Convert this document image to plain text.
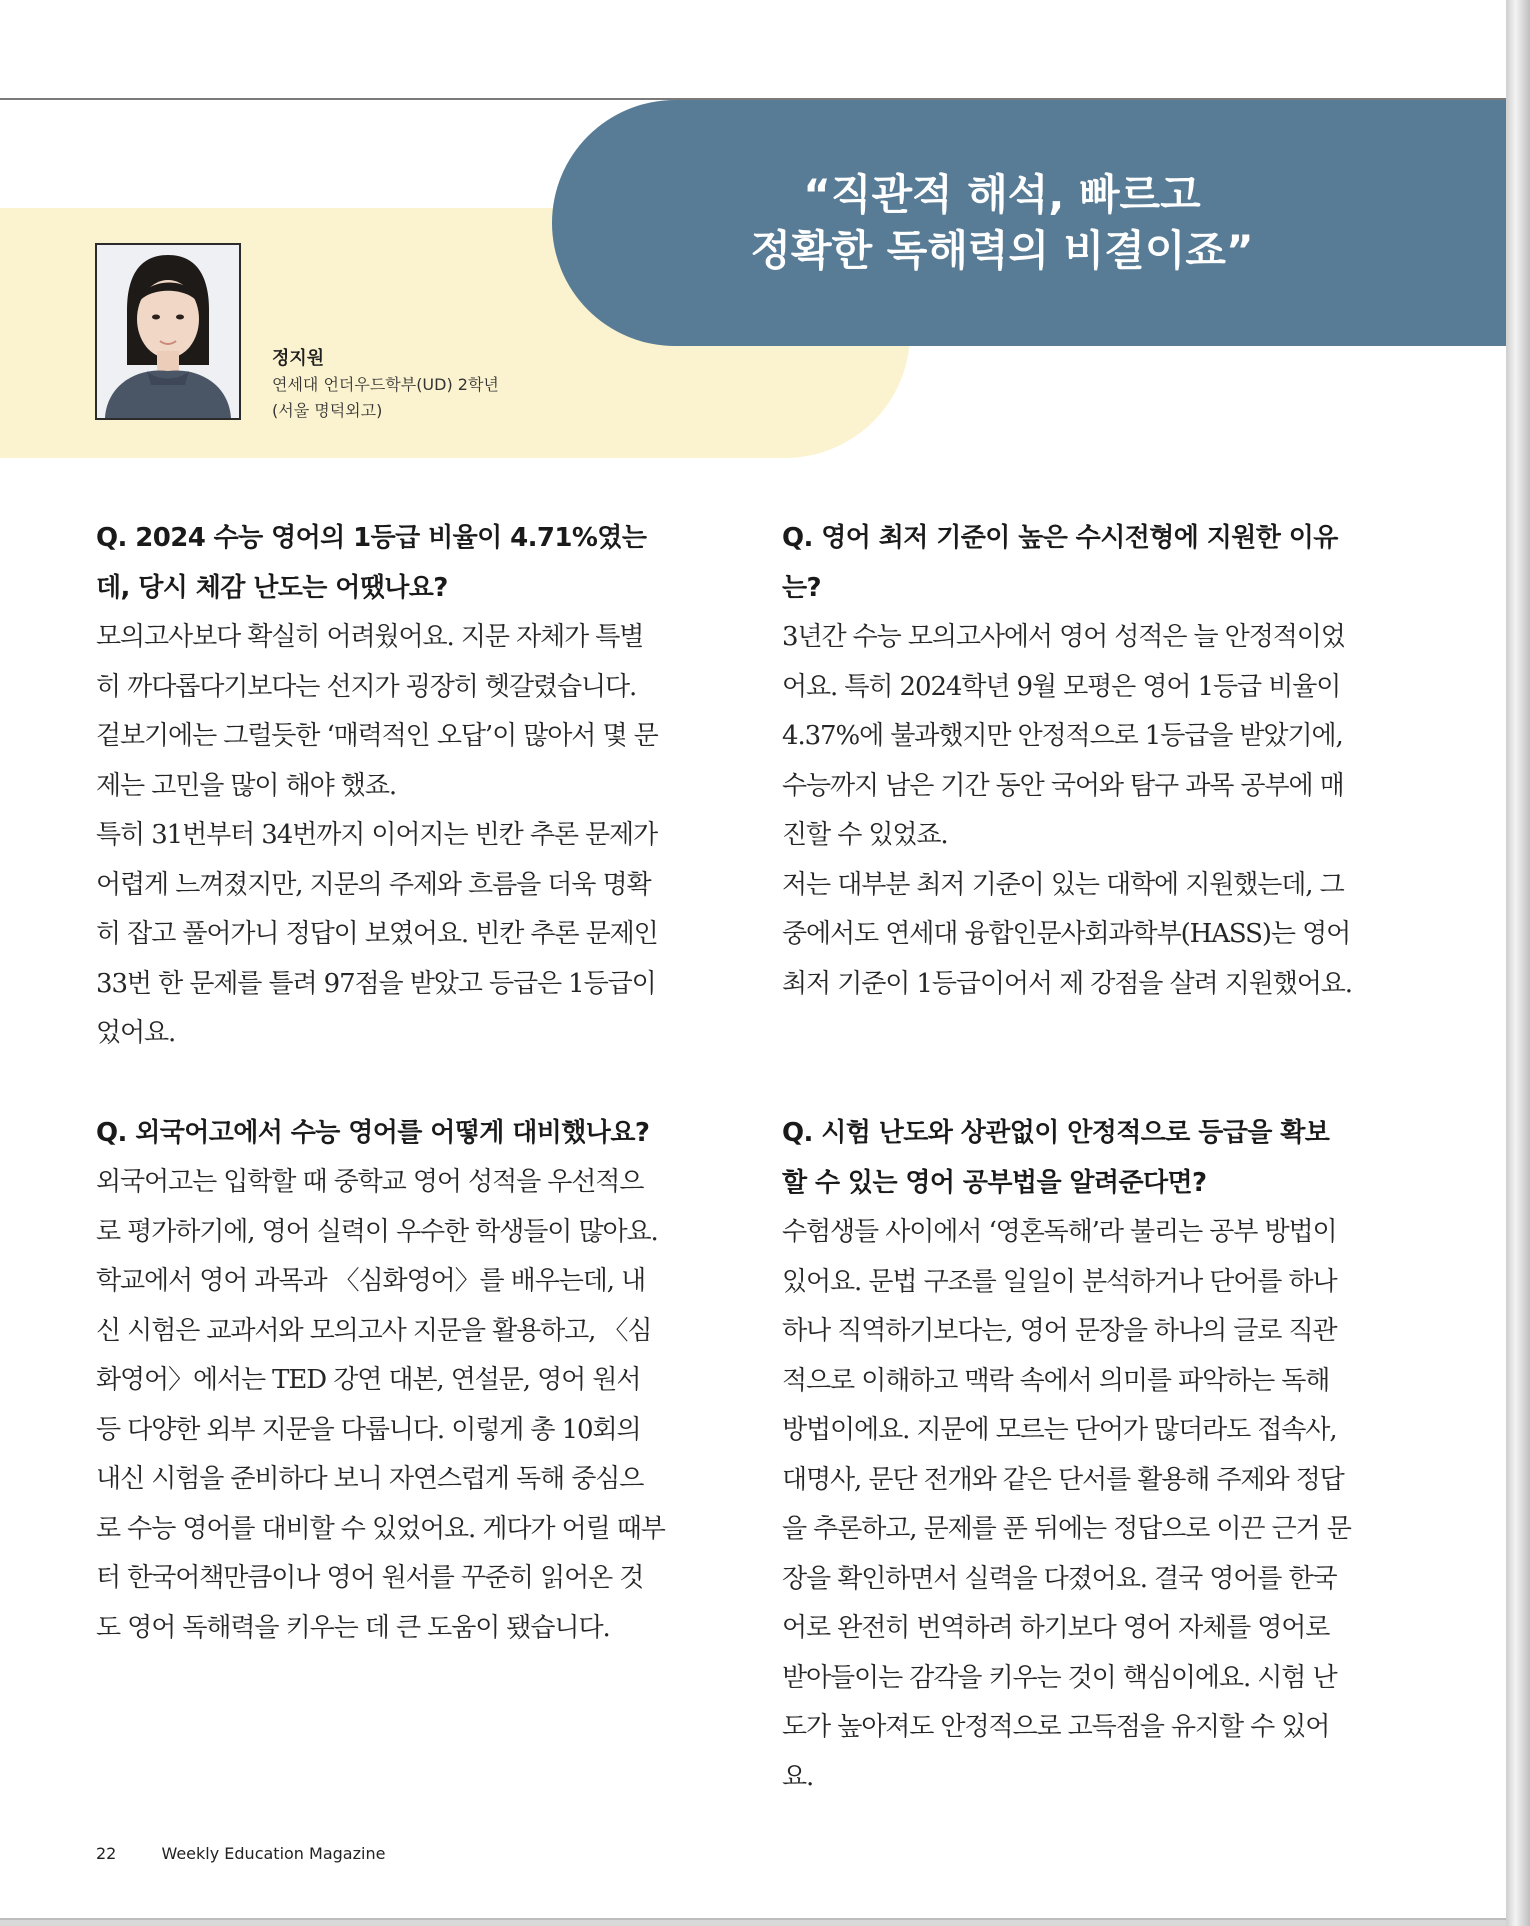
“직관적 해석, 빠르고
정확한 독해력의 비결이죠”
정지원
연세대 언더우드학부(UD) 2학년
(서울 명덕외고)
Q. 2024 수능 영어의 1등급 비율이 4.71%였는데, 당시 체감 난도는 어땠나요?

모의고사보다 확실히 어려웠어요. 지문 자체가 특별히 까다롭다기보다는 선지가 굉장히 헷갈렸습니다. 겉보기에는 그럴듯한 ‘매력적인 오답’이 많아서 몇 문제는 고민을 많이 해야 했죠.

특히 31번부터 34번까지 이어지는 빈칸 추론 문제가 어렵게 느껴졌지만, 지문의 주제와 흐름을 더욱 명확히 잡고 풀어가니 정답이 보였어요. 빈칸 추론 문제인 33번 한 문제를 틀려 97점을 받았고 등급은 1등급이었어요.

Q. 외국어고에서 수능 영어를 어떻게 대비했나요?

외국어고는 입학할 때 중학교 영어 성적을 우선적으로 평가하기에, 영어 실력이 우수한 학생들이 많아요. 학교에서 영어 과목과 〈심화영어〉를 배우는데, 내신 시험은 교과서와 모의고사 지문을 활용하고, 〈심화영어〉에서는 TED 강연 대본, 연설문, 영어 원서 등 다양한 외부 지문을 다룹니다. 이렇게 총 10회의 내신 시험을 준비하다 보니 자연스럽게 독해 중심으로 수능 영어를 대비할 수 있었어요. 게다가 어릴 때부터 한국어책만큼이나 영어 원서를 꾸준히 읽어온 것도 영어 독해력을 키우는 데 큰 도움이 됐습니다.

Q. 영어 최저 기준이 높은 수시전형에 지원한 이유는?

3년간 수능 모의고사에서 영어 성적은 늘 안정적이었어요. 특히 2024학년 9월 모평은 영어 1등급 비율이 4.37%에 불과했지만 안정적으로 1등급을 받았기에, 수능까지 남은 기간 동안 국어와 탐구 과목 공부에 매진할 수 있었죠.

저는 대부분 최저 기준이 있는 대학에 지원했는데, 그중에서도 연세대 융합인문사회과학부(HASS)는 영어 최저 기준이 1등급이어서 제 강점을 살려 지원했어요.

Q. 시험 난도와 상관없이 안정적으로 등급을 확보할 수 있는 영어 공부법을 알려준다면?

수험생들 사이에서 ‘영혼독해’라 불리는 공부 방법이 있어요. 문법 구조를 일일이 분석하거나 단어를 하나하나 직역하기보다는, 영어 문장을 하나의 글로 직관적으로 이해하고 맥락 속에서 의미를 파악하는 독해 방법이에요. 지문에 모르는 단어가 많더라도 접속사, 대명사, 문단 전개와 같은 단서를 활용해 주제와 정답을 추론하고, 문제를 푼 뒤에는 정답으로 이끈 근거 문장을 확인하면서 실력을 다졌어요. 결국 영어를 한국어로 완전히 번역하려 하기보다 영어 자체를 영어로 받아들이는 감각을 키우는 것이 핵심이에요. 시험 난도가 높아져도 안정적으로 고득점을 유지할 수 있어요.

22	Weekly Education Magazine
